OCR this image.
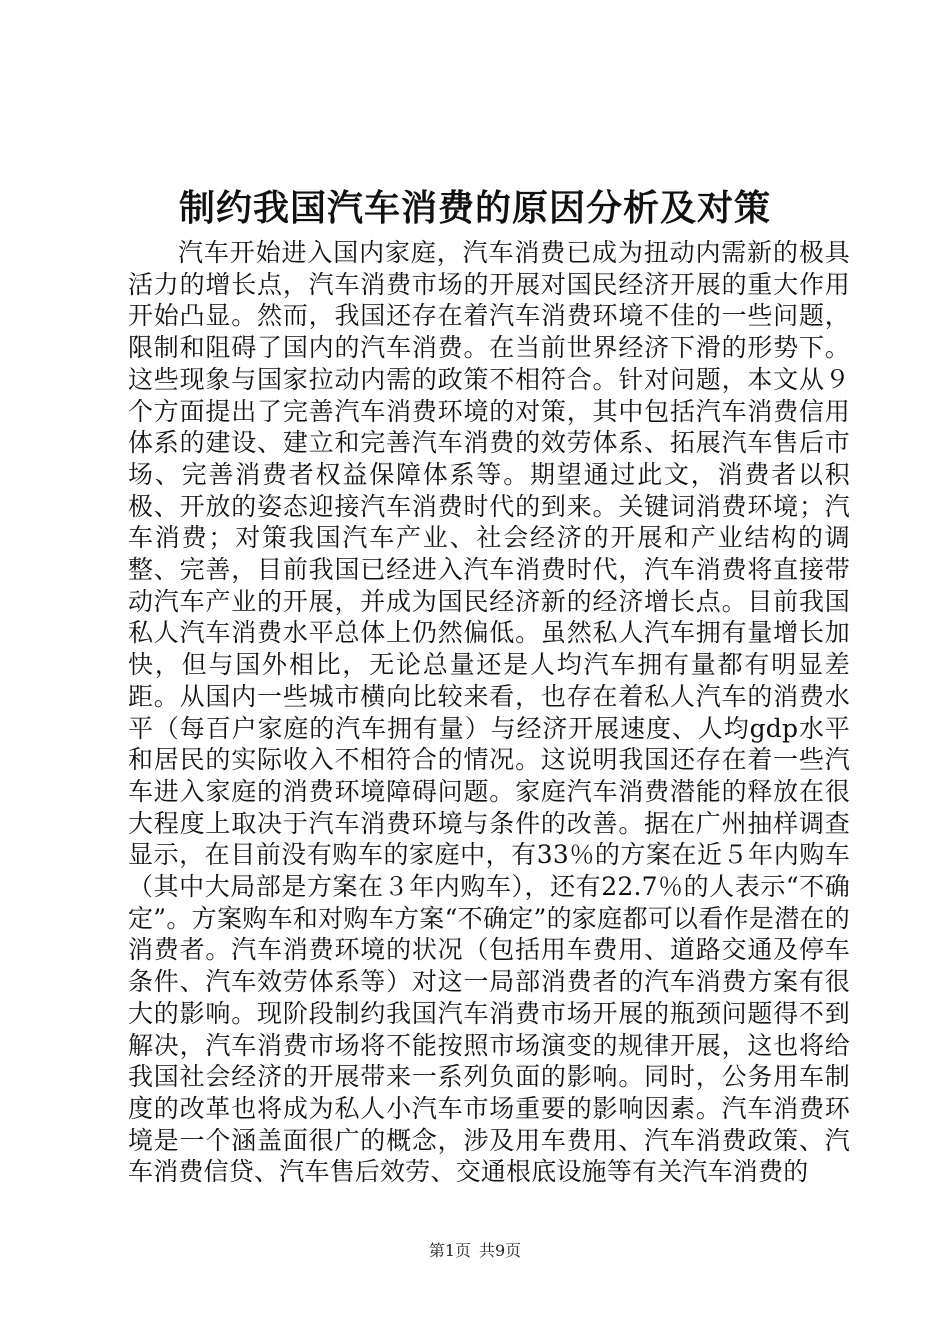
制约我国汽车消费的原因分析及对策

汽车开始进入国内家庭，汽车消费已成为扭动内需新的极具活力的增长点，汽车消费市场的开展对国民经济开展的重大作用开始凸显。然而，我国还存在着汽车消费环境不佳的一些问题，限制和阻碍了国内的汽车消费。在当前世界经济下滑的形势下。这些现象与国家拉动内需的政策不相符合。针对问题，本文从９个方面提出了完善汽车消费环境的对策，其中包括汽车消费信用体系的建设、建立和完善汽车消费的效劳体系、拓展汽车售后市场、完善消费者权益保障体系等。期望通过此文，消费者以积极、开放的姿态迎接汽车消费时代的到来。关键词消费环境；汽车消费；对策我国汽车产业、社会经济的开展和产业结构的调整、完善，目前我国已经进入汽车消费时代，汽车消费将直接带动汽车产业的开展，并成为国民经济新的经济增长点。目前我国私人汽车消费水平总体上仍然偏低。虽然私人汽车拥有量增长加快，但与国外相比，无论总量还是人均汽车拥有量都有明显差距。从国内一些城市横向比较来看，也存在着私人汽车的消费水平（每百户家庭的汽车拥有量）与经济开展速度、人均gdp水平和居民的实际收入不相符合的情况。这说明我国还存在着一些汽车进入家庭的消费环境障碍问题。家庭汽车消费潜能的释放在很大程度上取决于汽车消费环境与条件的改善。据在广州抽样调查显示，在目前没有购车的家庭中，有33％的方案在近５年内购车（其中大局部是方案在３年内购车），还有22.7％的人表示“不确定”。方案购车和对购车方案“不确定”的家庭都可以看作是潜在的消费者。汽车消费环境的状况（包括用车费用、道路交通及停车条件、汽车效劳体系等）对这一局部消费者的汽车消费方案有很大的影响。现阶段制约我国汽车消费市场开展的瓶颈问题得不到解决，汽车消费市场将不能按照市场演变的规律开展，这也将给我国社会经济的开展带来一系列负面的影响。同时，公务用车制度的改革也将成为私人小汽车市场重要的影响因素。汽车消费环境是一个涵盖面很广的概念，涉及用车费用、汽车消费政策、汽车消费信贷、汽车售后效劳、交通根底设施等有关汽车消费的

第1页 共9页
